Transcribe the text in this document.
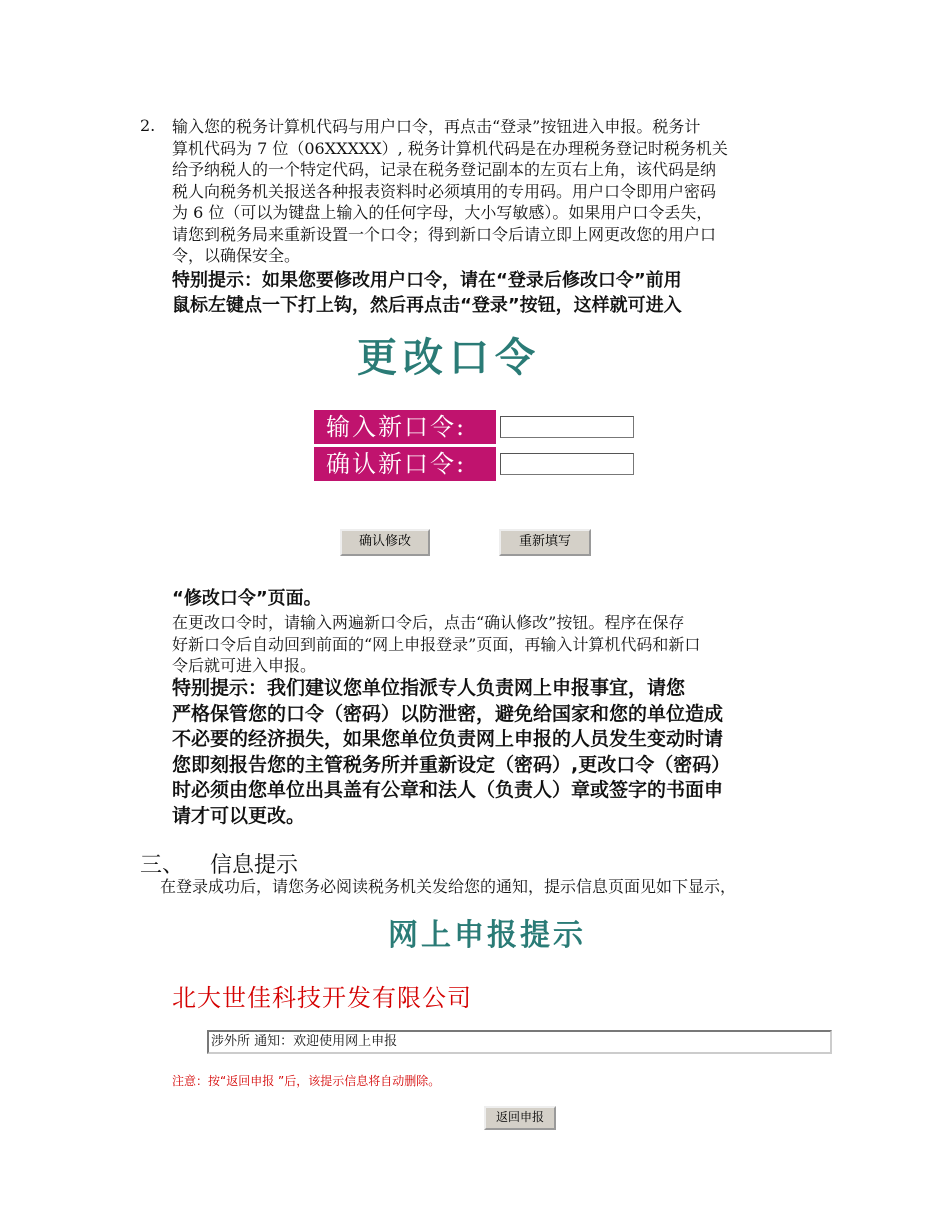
2. 输入您的税务计算机代码与用户口令，再点击“登录”按钮进入申报。税务计
算机代码为 7 位（06XXXXX）, 税务计算机代码是在办理税务登记时税务机关
给予纳税人的一个特定代码，记录在税务登记副本的左页右上角，该代码是纳
税人向税务机关报送各种报表资料时必须填用的专用码。用户口令即用户密码
为 6 位（可以为键盘上输入的任何字母，大小写敏感）。如果用户口令丢失，
请您到税务局来重新设置一个口令；得到新口令后请立即上网更改您的用户口
令，以确保安全。
特别提示：如果您要修改用户口令，请在“登录后修改口令”前用
鼠标左键点一下打上钩，然后再点击“登录”按钮，这样就可进入
更改口令
输入新口令:
确认新口令:
确认修改	重新填写
“修改口令”页面。
在更改口令时，请输入两遍新口令后，点击“确认修改”按钮。程序在保存
好新口令后自动回到前面的“网上申报登录”页面，再输入计算机代码和新口
令后就可进入申报。
特别提示：我们建议您单位指派专人负责网上申报事宜，请您
严格保管您的口令（密码）以防泄密，避免给国家和您的单位造成
不必要的经济损失，如果您单位负责网上申报的人员发生变动时请
您即刻报告您的主管税务所并重新设定（密码）,更改口令（密码）
时必须由您单位出具盖有公章和法人（负责人）章或签字的书面申
请才可以更改。
三、 信息提示
在登录成功后，请您务必阅读税务机关发给您的通知，提示信息页面见如下显示，
网上申报提示
北大世佳科技开发有限公司
涉外所 通知：欢迎使用网上申报
注意：按“返回申报 ”后，该提示信息将自动删除。
返回申报
